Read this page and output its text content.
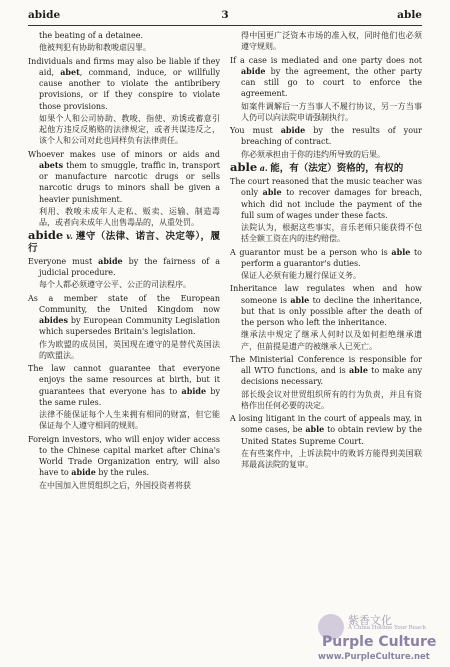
abide	3	able
the beating of a detainee.
他被判犯有协助和教唆虐囚罪。
Individuals and firms may also be liable if they aid, abet, command, induce, or willfully cause another to violate the antibribery provisions, or if they conspire to violate those provisions.
如果个人和公司协助、教唆、指使、劝诱或蓄意引起他方违反反贿赂的法律规定，或者共谋违反之，该个人和公司对此也同样负有法律责任。
Whoever makes use of minors or aids and abets them to smuggle, traffic in, transport or manufacture narcotic drugs or sells narcotic drugs to minors shall be given a heavier punishment.
利用、教唆未成年人走私、贩卖、运输、制造毒品，或者向未成年人出售毒品的，从重处罚。
abide v. 遵守（法律、诺言、决定等），履行
Everyone must abide by the fairness of a judicial procedure.
每个人都必须遵守公平、公正的司法程序。
As a member state of the European Community, the United Kingdom now abides by European Community Legislation which supersedes Britain's legislation.
作为欧盟的成员国，英国现在遵守的是替代英国法的欧盟法。
The law cannot guarantee that everyone enjoys the same resources at birth, but it guarantees that everyone has to abide by the same rules.
法律不能保证每个人生来拥有相同的财富，但它能保证每个人遵守相同的规则。
Foreign investors, who will enjoy wider access to the Chinese capital market after China's World Trade Organization entry, will also have to abide by the rules.
在中国加入世贸组织之后，外国投资者将获
得中国更广泛资本市场的准入权，同时他们也必须遵守规则。
If a case is mediated and one party does not abide by the agreement, the other party can still go to court to enforce the agreement.
如案件调解后一方当事人不履行协议，另一方当事人仍可以向法院申请强制执行。
You must abide by the results of your breaching of contract.
你必须承担由于你的违约所导致的后果。
able a. 能，有（法定）资格的，有权的
The court reasoned that the music teacher was only able to recover damages for breach, which did not include the payment of the full sum of wages under these facts.
法院认为，根据这些事实，音乐老师只能获得不包括全额工资在内的违约赔偿。
A guarantor must be a person who is able to perform a guarantor's duties.
保证人必须有能力履行保证义务。
Inheritance law regulates when and how someone is able to decline the inheritance, but that is only possible after the death of the person who left the inheritance.
继承法中规定了继承人何时以及如何拒绝继承遗产，但前提是遗产的被继承人已死亡。
The Ministerial Conference is responsible for all WTO functions, and is able to make any decisions necessary.
部长级会议对世贸组织所有的行为负责，并且有资格作出任何必要的决定。
A losing litigant in the court of appeals may, in some cases, be able to obtain review by the United States Supreme Court.
在有些案件中，上诉法院中的败诉方能得到美国联邦最高法院的复审。
紫香文化
A China Hotline Your Reach
Purple Culture
www.PurpleCulture.net
